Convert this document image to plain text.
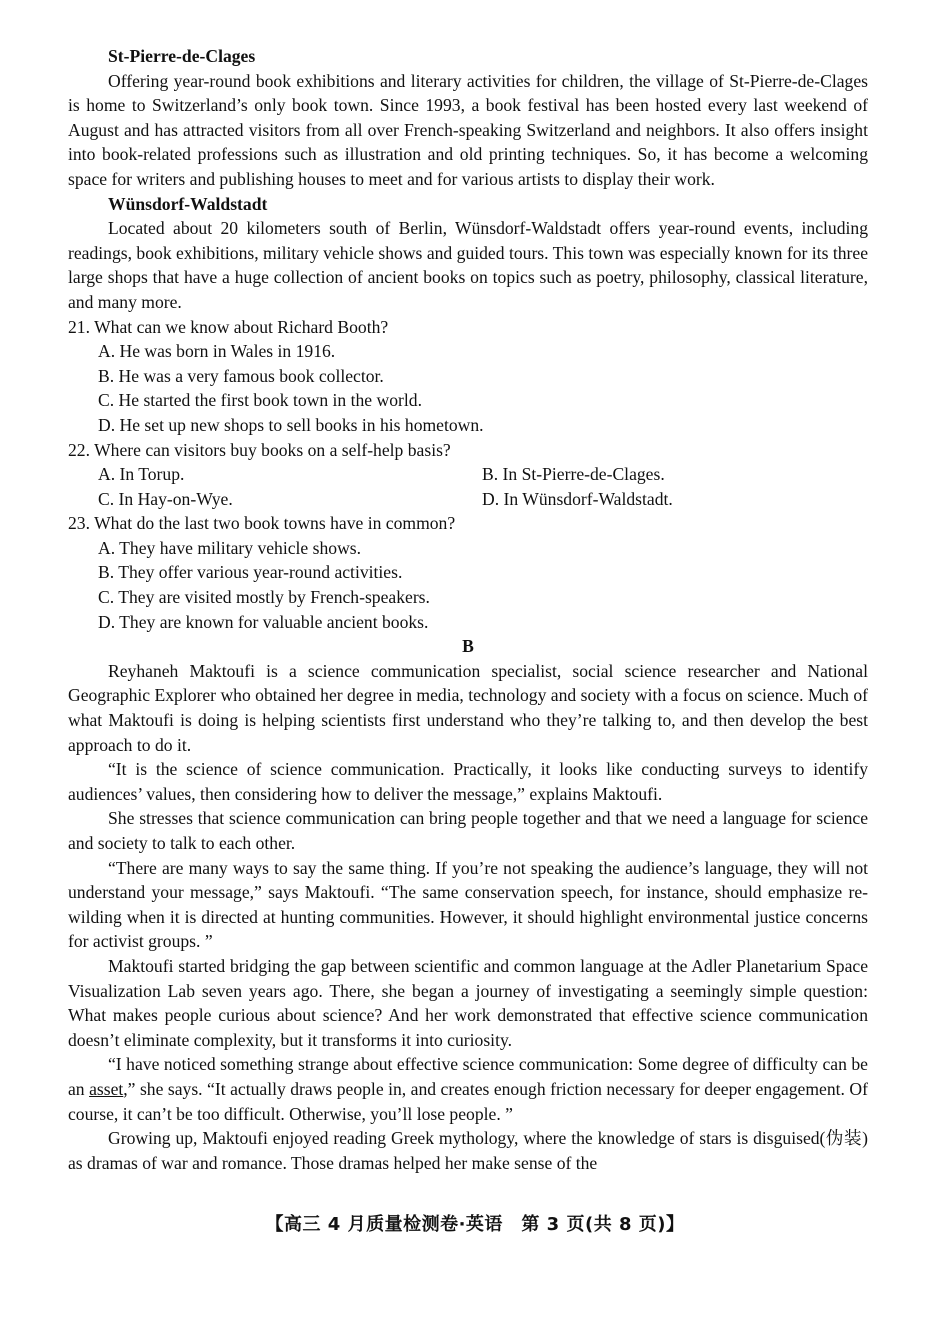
St-Pierre-de-Clages

Offering year-round book exhibitions and literary activities for children, the village of St-Pierre-de-Clages is home to Switzerland’s only book town. Since 1993, a book festival has been hosted every last weekend of August and has attracted visitors from all over French-speaking Switzerland and neighbors. It also offers insight into book-related professions such as illustration and old printing techniques. So, it has become a welcoming space for writers and publishing houses to meet and for various artists to display their work.

Wünsdorf-Waldstadt

Located about 20 kilometers south of Berlin, Wünsdorf-Waldstadt offers year-round events, including readings, book exhibitions, military vehicle shows and guided tours. This town was especially known for its three large shops that have a huge collection of ancient books on topics such as poetry, philosophy, classical literature, and many more.

21. What can we know about Richard Booth?

A. He was born in Wales in 1916.

B. He was a very famous book collector.

C. He started the first book town in the world.

D. He set up new shops to sell books in his hometown.

22. Where can visitors buy books on a self-help basis?

A. In Torup.	B. In St-Pierre-de-Clages.

C. In Hay-on-Wye.	D. In Wünsdorf-Waldstadt.

23. What do the last two book towns have in common?

A. They have military vehicle shows.

B. They offer various year-round activities.

C. They are visited mostly by French-speakers.

D. They are known for valuable ancient books.

B

Reyhaneh Maktoufi is a science communication specialist, social science researcher and National Geographic Explorer who obtained her degree in media, technology and society with a focus on science. Much of what Maktoufi is doing is helping scientists first understand who they’re talking to, and then develop the best approach to do it.

“It is the science of science communication. Practically, it looks like conducting surveys to identify audiences’ values, then considering how to deliver the message,” explains Maktoufi.

She stresses that science communication can bring people together and that we need a language for science and society to talk to each other.

“There are many ways to say the same thing. If you’re not speaking the audience’s language, they will not understand your message,” says Maktoufi. “The same conservation speech, for instance, should emphasize re-wilding when it is directed at hunting communities. However, it should highlight environmental justice concerns for activist groups. ”

Maktoufi started bridging the gap between scientific and common language at the Adler Planetarium Space Visualization Lab seven years ago. There, she began a journey of investigating a seemingly simple question: What makes people curious about science? And her work demonstrated that effective science communication doesn’t eliminate complexity, but it transforms it into curiosity.

“I have noticed something strange about effective science communication: Some degree of difficulty can be an asset,” she says. “It actually draws people in, and creates enough friction necessary for deeper engagement. Of course, it can’t be too difficult. Otherwise, you’ll lose people. ”

Growing up, Maktoufi enjoyed reading Greek mythology, where the knowledge of stars is disguised(伪装) as dramas of war and romance. Those dramas helped her make sense of the

【高三 4 月质量检测卷·英语　第 3 页(共 8 页)】
